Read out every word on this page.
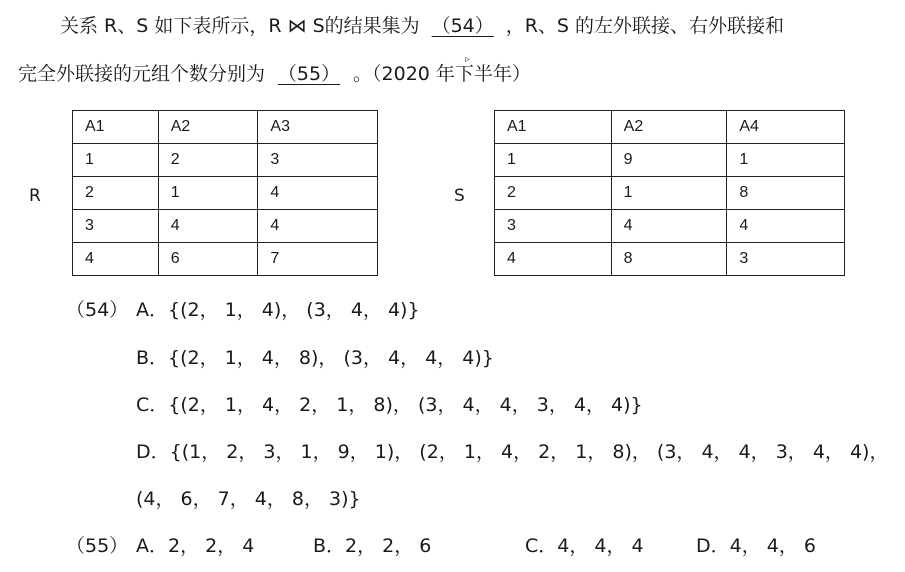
关系 R、S 如下表所示，R ⋈ S的结果集为 （54） ，R、S 的左外联接、右外联接和
完全外联接的元组个数分别为 （55） 。（2020 年下半年）
▹
R
A1	A2	A3
1	2	3
2	1	4
3	4	4
4	6	7
S
A1	A2	A4
1	9	1
2	1	8
3	4	4
4	8	3
（54） A．{(2， 1， 4)， (3， 4， 4)}
B．{(2， 1， 4， 8)， (3， 4， 4， 4)}
C．{(2， 1， 4， 2， 1， 8)， (3， 4， 4， 3， 4， 4)}
D．{(1， 2， 3， 1， 9， 1)， (2， 1， 4， 2， 1， 8)， (3， 4， 4， 3， 4， 4)，
(4， 6， 7， 4， 8， 3)}
（55） A．2， 2， 4	B．2， 2， 6	C．4， 4， 4	D．4， 4， 6
